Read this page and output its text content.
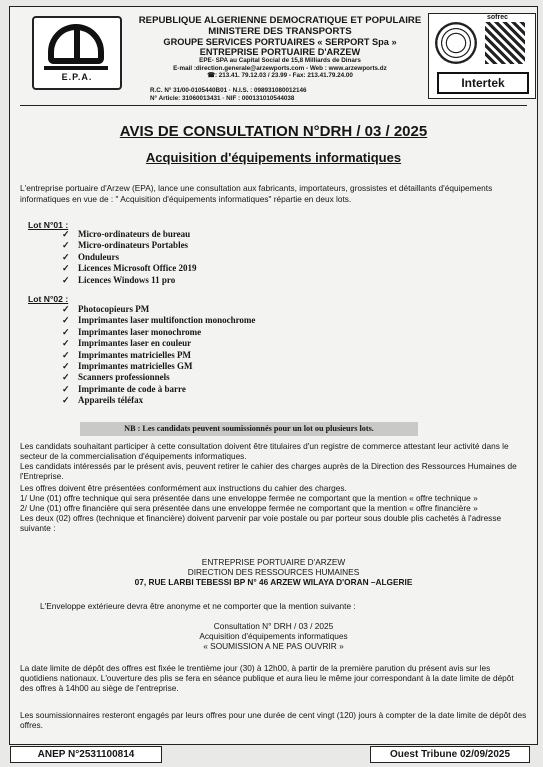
E.P.A.
REPUBLIQUE ALGERIENNE DEMOCRATIQUE ET POPULAIRE
MINISTERE DES TRANSPORTS
GROUPE SERVICES PORTUAIRES « SERPORT Spa »
ENTREPRISE PORTUAIRE D'ARZEW
EPE- SPA au Capital Social de 15,8 Milliards de Dinars
E-mail :direction.generale@arzewports.com - Web : www.arzewports.dz
☎: 213.41. 79.12.03 / 23.99 - Fax: 213.41.79.24.00
R.C. N° 31/00-0105440B01 · N.I.S. : 098931080012146
N° Article: 31060013431 · NIF : 000131010544038
sofrec
Intertek
AVIS DE CONSULTATION N°DRH / 03 / 2025
Acquisition d'équipements informatiques
L'entreprise portuaire d'Arzew (EPA), lance une consultation aux fabricants, importateurs, grossistes et détaillants d'équipements informatiques en vue de : " Acquisition d'équipements informatiques" répartie en deux lots.
Lot N°01 :
✓ Micro-ordinateurs de bureau
✓ Micro-ordinateurs Portables
✓ Onduleurs
✓ Licences Microsoft Office 2019
✓ Licences Windows 11 pro
Lot N°02 :
✓ Photocopieurs PM
✓ Imprimantes laser multifonction monochrome
✓ Imprimantes laser monochrome
✓ Imprimantes laser en couleur
✓ Imprimantes matricielles PM
✓ Imprimantes matricielles GM
✓ Scanners professionnels
✓ Imprimante de code à barre
✓ Appareils téléfax
NB : Les candidats peuvent soumissionnés pour un lot ou plusieurs lots.

Les candidats souhaitant participer à cette consultation doivent être titulaires d'un registre de commerce attestant leur activité dans le secteur de la commercialisation d'équipements informatiques.

Les candidats intéressés par le présent avis, peuvent retirer le cahier des charges auprès de la Direction des Ressources Humaines de l'Entreprise.

Les offres doivent être présentées conformément aux instructions du cahier des charges.

1/ Une (01) offre technique qui sera présentée dans une enveloppe fermée ne comportant que la mention « offre technique »

2/ Une (01) offre financière qui sera présentée dans une enveloppe fermée ne comportant que la mention « offre financière »

Les deux (02) offres (technique et financière) doivent parvenir par voie postale ou par porteur sous double plis cachetés à l'adresse suivante :

ENTREPRISE PORTUAIRE D'ARZEW
DIRECTION DES RESSOURCES HUMAINES
07, RUE LARBI TEBESSI BP N° 46 ARZEW WILAYA D'ORAN –ALGERIE
L'Enveloppe extérieure devra être anonyme et ne comporter que la mention suivante :
Consultation N° DRH / 03 / 2025
Acquisition d'équipements informatiques
« SOUMISSION A NE PAS OUVRIR »
La date limite de dépôt des offres est fixée le trentième jour (30) à 12h00, à partir de la première parution du présent avis sur les quotidiens nationaux. L'ouverture des plis se fera en séance publique et aura lieu le même jour correspondant à la date limite de dépôt des offres à 14h00 au siège de l'entreprise.
Les soumissionnaires resteront engagés par leurs offres pour une durée de cent vingt (120) jours à compter de la date limite de dépôt des offres.
ANEP N°2531100814	Ouest Tribune 02/09/2025
